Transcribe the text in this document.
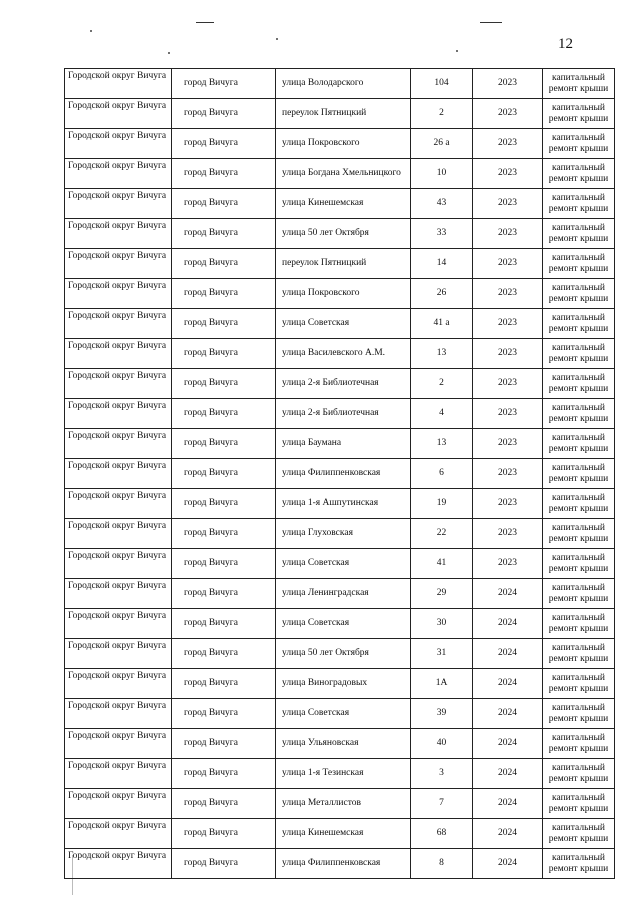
12
Городской округ Вичуга	город Вичуга	улица Володарского	104	2023	капитальный ремонт крыши
Городской округ Вичуга	город Вичуга	переулок Пятницкий	2	2023	капитальный ремонт крыши
Городской округ Вичуга	город Вичуга	улица Покровского	26 а	2023	капитальный ремонт крыши
Городской округ Вичуга	город Вичуга	улица Богдана Хмельницкого	10	2023	капитальный ремонт крыши
Городской округ Вичуга	город Вичуга	улица Кинешемская	43	2023	капитальный ремонт крыши
Городской округ Вичуга	город Вичуга	улица 50 лет Октября	33	2023	капитальный ремонт крыши
Городской округ Вичуга	город Вичуга	переулок Пятницкий	14	2023	капитальный ремонт крыши
Городской округ Вичуга	город Вичуга	улица Покровского	26	2023	капитальный ремонт крыши
Городской округ Вичуга	город Вичуга	улица Советская	41 а	2023	капитальный ремонт крыши
Городской округ Вичуга	город Вичуга	улица Василевского А.М.	13	2023	капитальный ремонт крыши
Городской округ Вичуга	город Вичуга	улица 2-я Библиотечная	2	2023	капитальный ремонт крыши
Городской округ Вичуга	город Вичуга	улица 2-я Библиотечная	4	2023	капитальный ремонт крыши
Городской округ Вичуга	город Вичуга	улица Баумана	13	2023	капитальный ремонт крыши
Городской округ Вичуга	город Вичуга	улица Филиппенковская	6	2023	капитальный ремонт крыши
Городской округ Вичуга	город Вичуга	улица 1-я Ашпутинская	19	2023	капитальный ремонт крыши
Городской округ Вичуга	город Вичуга	улица Глуховская	22	2023	капитальный ремонт крыши
Городской округ Вичуга	город Вичуга	улица Советская	41	2023	капитальный ремонт крыши
Городской округ Вичуга	город Вичуга	улица Ленинградская	29	2024	капитальный ремонт крыши
Городской округ Вичуга	город Вичуга	улица Советская	30	2024	капитальный ремонт крыши
Городской округ Вичуга	город Вичуга	улица 50 лет Октября	31	2024	капитальный ремонт крыши
Городской округ Вичуга	город Вичуга	улица Виноградовых	1А	2024	капитальный ремонт крыши
Городской округ Вичуга	город Вичуга	улица Советская	39	2024	капитальный ремонт крыши
Городской округ Вичуга	город Вичуга	улица Ульяновская	40	2024	капитальный ремонт крыши
Городской округ Вичуга	город Вичуга	улица 1-я Тезинская	3	2024	капитальный ремонт крыши
Городской округ Вичуга	город Вичуга	улица Металлистов	7	2024	капитальный ремонт крыши
Городской округ Вичуга	город Вичуга	улица Кинешемская	68	2024	капитальный ремонт крыши
Городской округ Вичуга	город Вичуга	улица Филиппенковская	8	2024	капитальный ремонт крыши
